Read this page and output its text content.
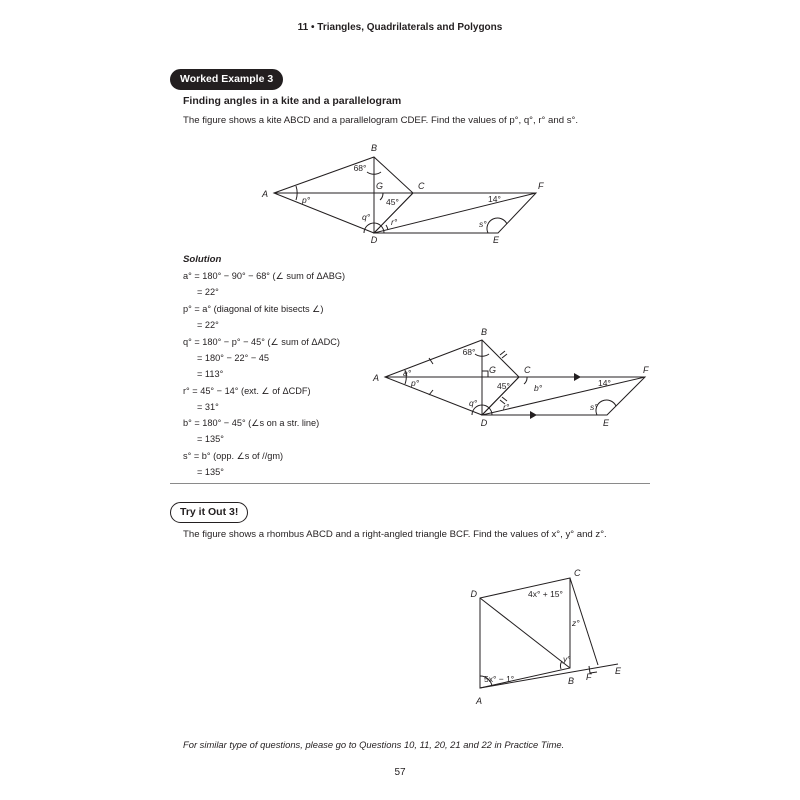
11 • Triangles, Quadrilaterals and Polygons
Worked Example 3
Finding angles in a kite and a parallelogram
The figure shows a kite ABCD and a parallelogram CDEF. Find the values of p°, q°, r° and s°.
B
A
C	F
D	E
G
68°
45°	14°
p°
q° r°	s°
B
A
C	F
D	E
G
68°
45°	14°
a°
p°	b°
q°	r°	s°
C
D
A
B F
E
4x° + 15°
5x° − 1°
y°
z°
Solution
a° = 180° − 90° − 68° (∠ sum of ΔABG)
= 22°
p° = a° (diagonal of kite bisects ∠)
= 22°
q° = 180° − p° − 45° (∠ sum of ΔADC)
= 180° − 22° − 45
= 113°
r° = 45° − 14° (ext. ∠ of ΔCDF)
= 31°
b° = 180° − 45° (∠s on a str. line)
= 135°
s° = b° (opp. ∠s of //gm)
= 135°
Try it Out 3!
The figure shows a rhombus ABCD and a right-angled triangle BCF. Find the values of x°, y° and z°.
For similar type of questions, please go to Questions 10, 11, 20, 21 and 22 in Practice Time.
57
